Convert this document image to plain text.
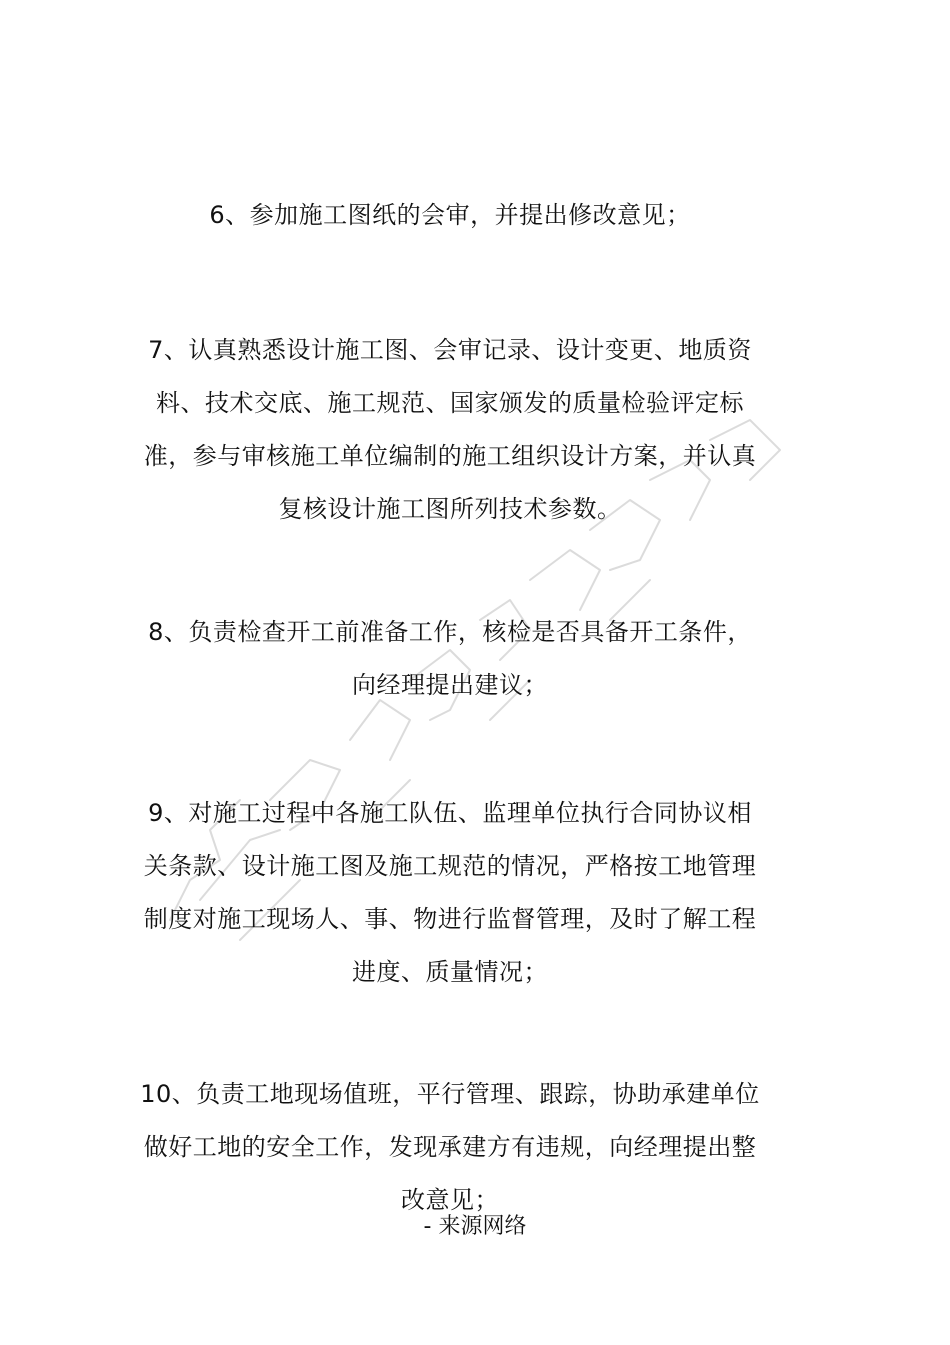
6、参加施工图纸的会审，并提出修改意见；
7、认真熟悉设计施工图、会审记录、设计变更、地质资料、技术交底、施工规范、国家颁发的质量检验评定标准，参与审核施工单位编制的施工组织设计方案，并认真复核设计施工图所列技术参数。
8、负责检查开工前准备工作，核检是否具备开工条件，向经理提出建议；
9、对施工过程中各施工队伍、监理单位执行合同协议相关条款、设计施工图及施工规范的情况，严格按工地管理制度对施工现场人、事、物进行监督管理，及时了解工程进度、质量情况；
10、负责工地现场值班，平行管理、跟踪，协助承建单位做好工地的安全工作，发现承建方有违规，向经理提出整改意见；
- 来源网络
